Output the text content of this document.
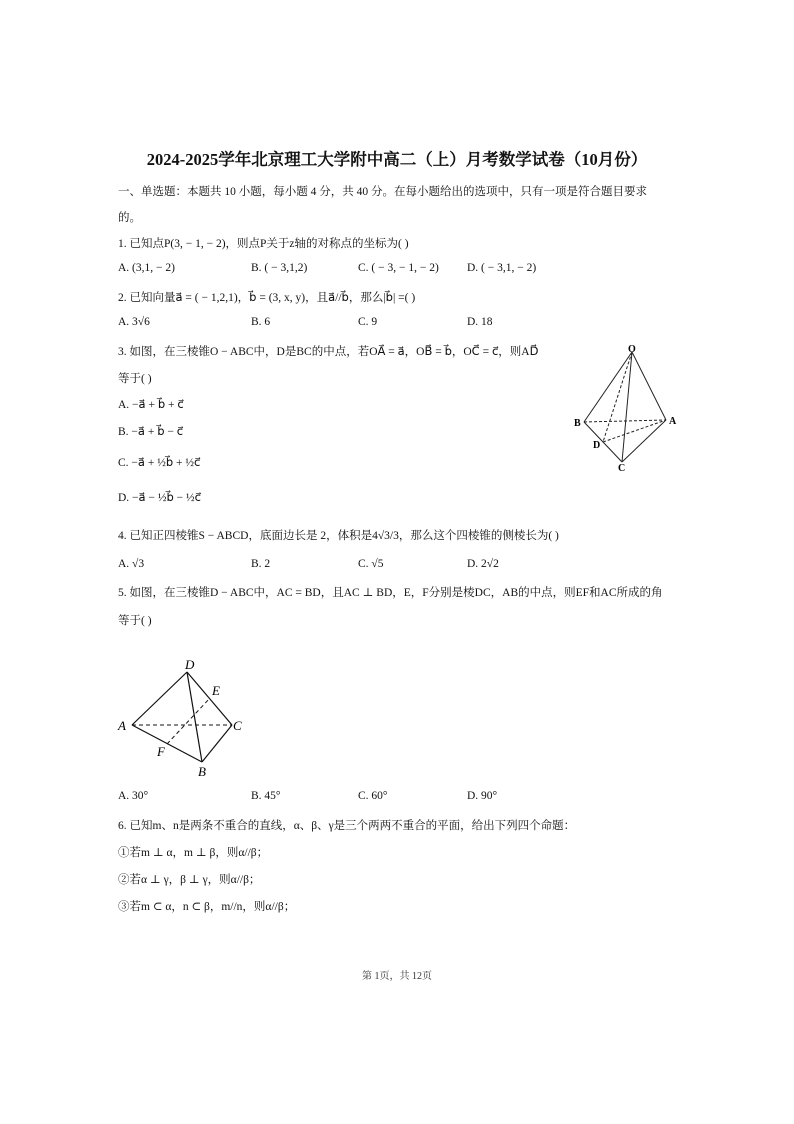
2024-2025学年北京理工大学附中高二（上）月考数学试卷（10月份）
一、单选题：本题共 10 小题，每小题 4 分，共 40 分。在每小题给出的选项中，只有一项是符合题目要求
的。
1. 已知点P(3, − 1, − 2)，则点P关于z轴的对称点的坐标为( )
A. (3,1, − 2)	B. ( − 3,1,2)	C. ( − 3, − 1, − 2) D. ( − 3,1, − 2)
2. 已知向量a⃗ = ( − 1,2,1)，b⃗ = (3, x, y)，且a⃗//b⃗，那么|b⃗| =( )
A. 3√6	B. 6	C. 9	D. 18
3. 如图，在三棱锥O − ABC中，D是BC的中点，若OA⃗ = a⃗，OB⃗ = b⃗，OC⃗ = c⃗，则AD⃗
等于( )
A. −a⃗ + b⃗ + c⃗
B. −a⃗ + b⃗ − c⃗
C. −a⃗ + ½b⃗ + ½c⃗
D. −a⃗ − ½b⃗ − ½c⃗
O
B	A
D
C
4. 已知正四棱锥S − ABCD，底面边长是 2，体积是4√3/3，那么这个四棱锥的侧棱长为( )
A. √3	B. 2	C. √5	D. 2√2
5. 如图，在三棱锥D − ABC中，AC = BD，且AC ⊥ BD，E，F分别是棱DC，AB的中点，则EF和AC所成的角
等于( )
D
E
A	C
F
B
A. 30°	B. 45°	C. 60°	D. 90°
6. 已知m、n是两条不重合的直线，α、β、γ是三个两两不重合的平面，给出下列四个命题：
①若m ⊥ α，m ⊥ β，则α//β；
②若α ⊥ γ，β ⊥ γ，则α//β；
③若m ⊂ α，n ⊂ β，m//n，则α//β；
第 1页，共 12页
